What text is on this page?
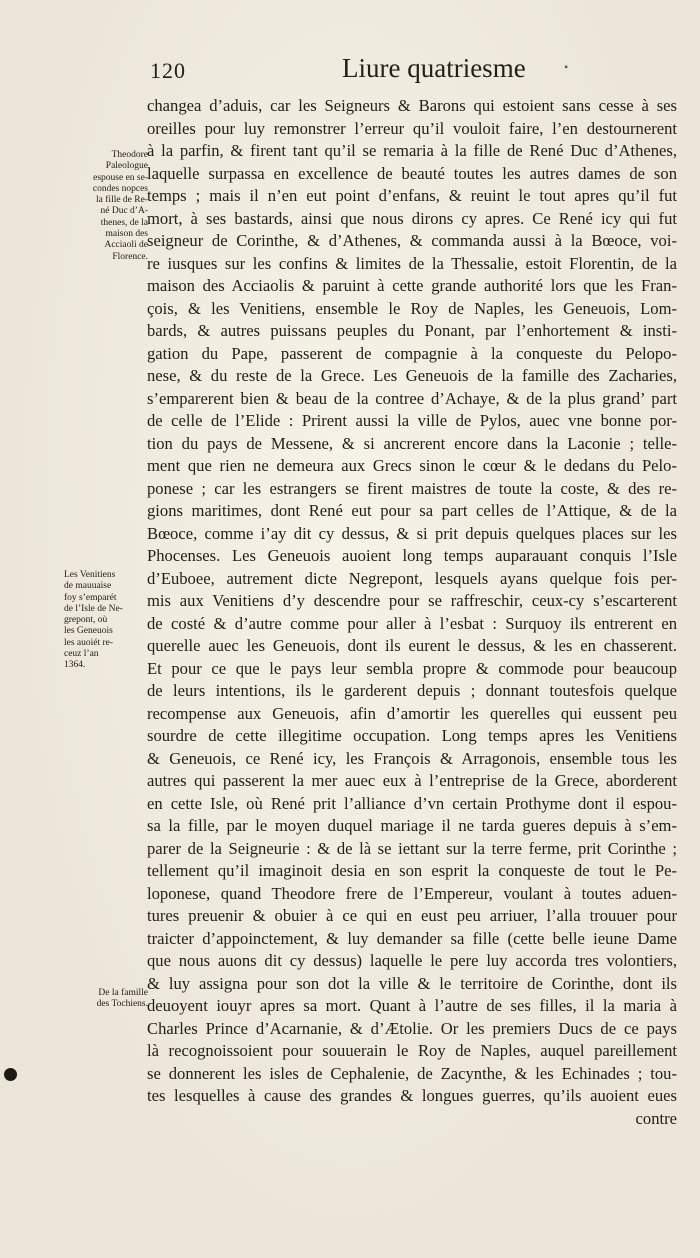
120	Liure quatriesme	•
Theodore
Paleologue
espouse en se-
condes nopces
la fille de Re-
né Duc d’A-
thenes, de la
maison des
Acciaoli de
Florence.
Les Venitiens
de mauuaise
foy s’emparét
de l’Isle de Ne-
grepont, où
les Geneuois
les auoiét re-
ceuz l’an
1364.
De la famille
des Tochiens.
changea d’aduis, car les Seigneurs & Barons qui estoient sans cesse à ses
oreilles pour luy remonstrer l’erreur qu’il vouloit faire, l’en destournerent
à la parfin, & firent tant qu’il se remaria à la fille de René Duc d’Athenes,
laquelle surpassa en excellence de beauté toutes les autres dames de son
temps ; mais il n’en eut point d’enfans, & reuint le tout apres qu’il fut
mort, à ses bastards, ainsi que nous dirons cy apres. Ce René icy qui fut
seigneur de Corinthe, & d’Athenes, & commanda aussi à la Bœoce, voi-
re iusques sur les confins & limites de la Thessalie, estoit Florentin, de la
maison des Acciaolis & paruint à cette grande authorité lors que les Fran-
çois, & les Venitiens, ensemble le Roy de Naples, les Geneuois, Lom-
bards, & autres puissans peuples du Ponant, par l’enhortement & insti-
gation du Pape, passerent de compagnie à la conqueste du Pelopo-
nese, & du reste de la Grece. Les Geneuois de la famille des Zacharies,
s’emparerent bien & beau de la contree d’Achaye, & de la plus grand’ part
de celle de l’Elide : Prirent aussi la ville de Pylos, auec vne bonne por-
tion du pays de Messene, & si ancrerent encore dans la Laconie ; telle-
ment que rien ne demeura aux Grecs sinon le cœur & le dedans du Pelo-
ponese ; car les estrangers se firent maistres de toute la coste, & des re-
gions maritimes, dont René eut pour sa part celles de l’Attique, & de la
Bœoce, comme i’ay dit cy dessus, & si prit depuis quelques places sur les
Phocenses. Les Geneuois auoient long temps auparauant conquis l’Isle
d’Euboee, autrement dicte Negrepont, lesquels ayans quelque fois per-
mis aux Venitiens d’y descendre pour se raffreschir, ceux-cy s’escarterent
de costé & d’autre comme pour aller à l’esbat : Surquoy ils entrerent en
querelle auec les Geneuois, dont ils eurent le dessus, & les en chasserent.
Et pour ce que le pays leur sembla propre & commode pour beaucoup
de leurs intentions, ils le garderent depuis ; donnant toutesfois quelque
recompense aux Geneuois, afin d’amortir les querelles qui eussent peu
sourdre de cette illegitime occupation. Long temps apres les Venitiens
& Geneuois, ce René icy, les François & Arragonois, ensemble tous les
autres qui passerent la mer auec eux à l’entreprise de la Grece, aborderent
en cette Isle, où René prit l’alliance d’vn certain Prothyme dont il espou-
sa la fille, par le moyen duquel mariage il ne tarda gueres depuis à s’em-
parer de la Seigneurie : & de là se iettant sur la terre ferme, prit Corinthe ;
tellement qu’il imaginoit desia en son esprit la conqueste de tout le Pe-
loponese, quand Theodore frere de l’Empereur, voulant à toutes aduen-
tures preuenir & obuier à ce qui en eust peu arriuer, l’alla trouuer pour
traicter d’appoinctement, & luy demander sa fille (cette belle ieune Dame
que nous auons dit cy dessus) laquelle le pere luy accorda tres volontiers,
& luy assigna pour son dot la ville & le territoire de Corinthe, dont ils
deuoyent iouyr apres sa mort. Quant à l’autre de ses filles, il la maria à
Charles Prince d’Acarnanie, & d’Ætolie. Or les premiers Ducs de ce pays
là recognoissoient pour souuerain le Roy de Naples, auquel pareillement
se donnerent les isles de Cephalenie, de Zacynthe, & les Echinades ; tou-
tes lesquelles à cause des grandes & longues guerres, qu’ils auoient eues
contre
